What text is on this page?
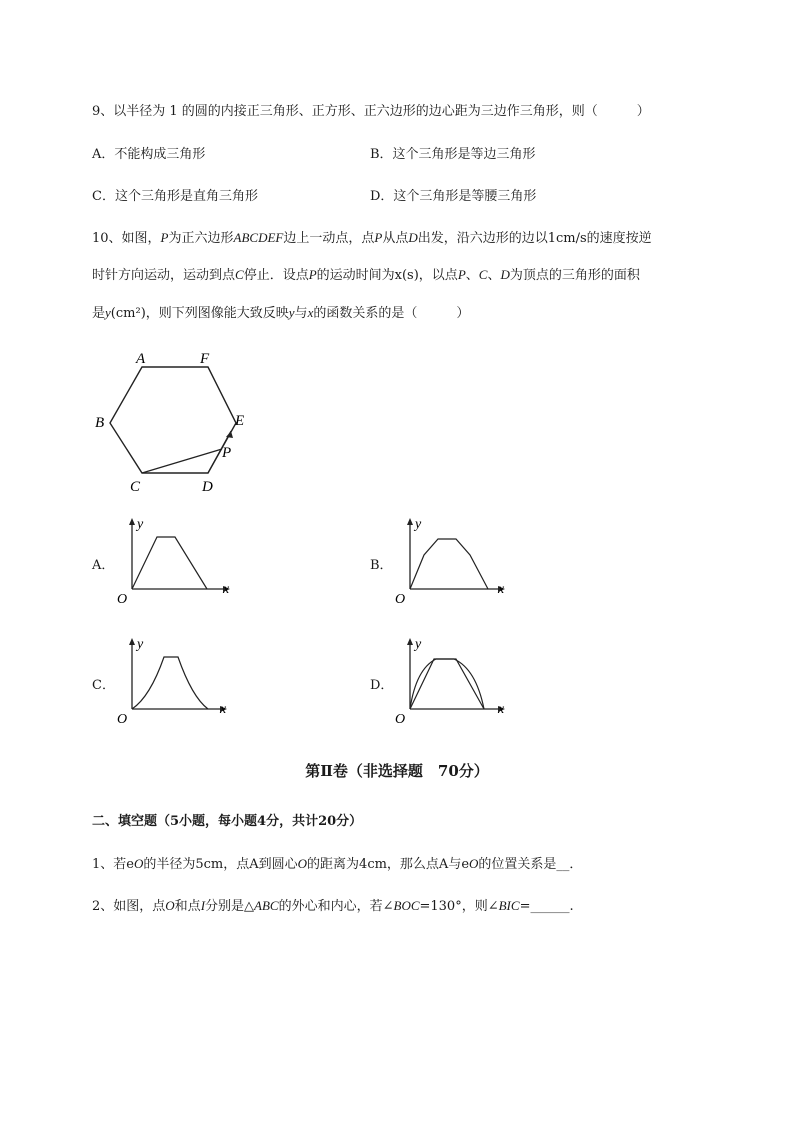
9、以半径为 1 的圆的内接正三角形、正方形、正六边形的边心距为三边作三角形，则（　　　）
A．不能构成三角形	B．这个三角形是等边三角形
C．这个三角形是直角三角形	D．这个三角形是等腰三角形
10、如图，P为正六边形ABCDEF边上一动点，点P从点D出发，沿六边形的边以1cm/s的速度按逆
时针方向运动，运动到点C停止．设点P的运动时间为x(s)，以点P、C、D为顶点的三角形的面积
是y(cm²)，则下列图像能大致反映y与x的函数关系的是（　　　）
A	F
B	E
P
C	D
A．	B．
C．	D．
y
O
x
y
O
x
y
O
x
y
O
x
第Ⅱ卷（非选择题　70分）
二、填空题（5小题，每小题4分，共计20分）
1、若eO的半径为5cm，点A到圆心O的距离为4cm，那么点A与eO的位置关系是__．
2、如图，点O和点I分别是△ABC的外心和内心，若∠BOC=130°，则∠BIC=______.
